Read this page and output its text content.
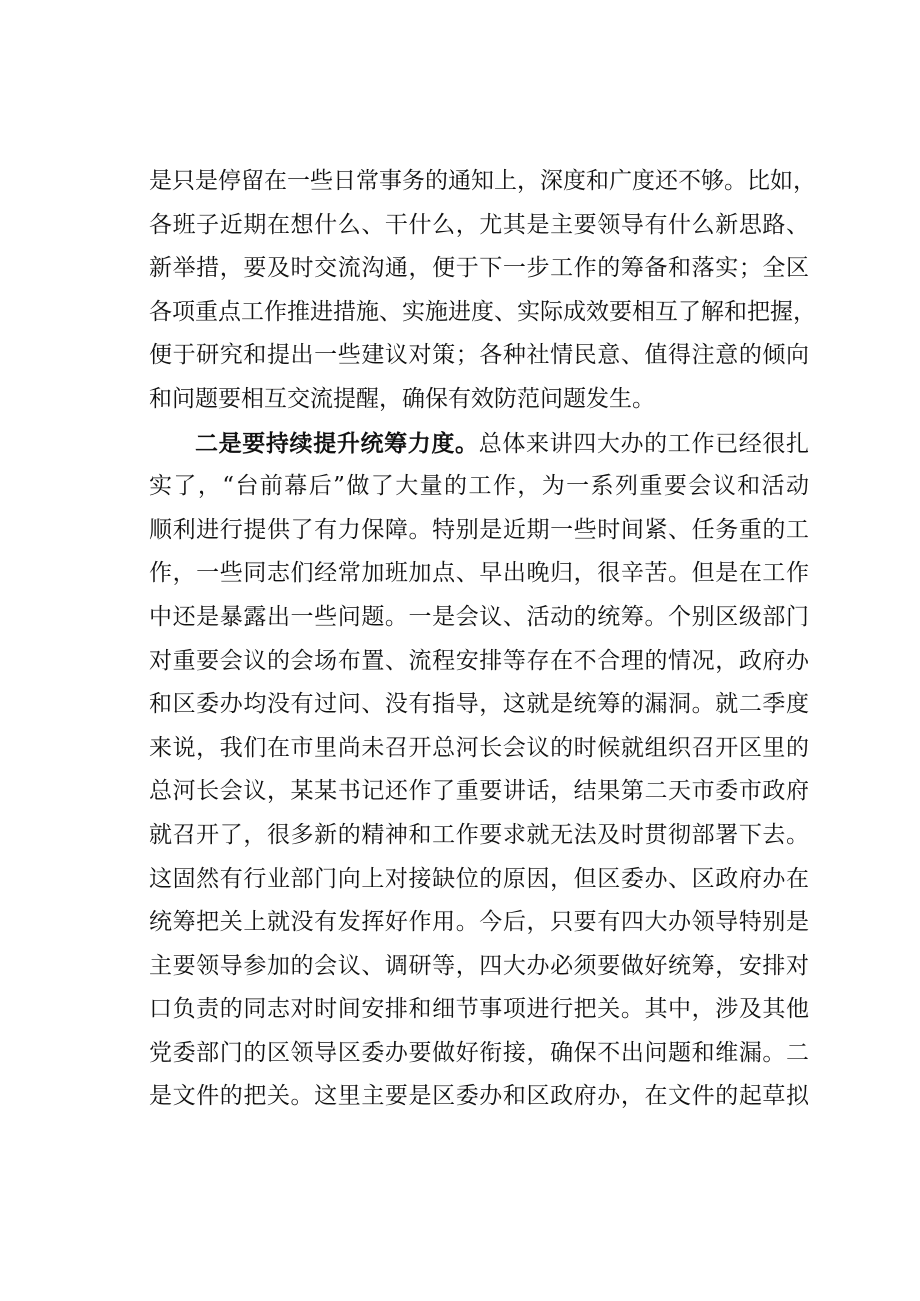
是只是停留在一些日常事务的通知上，深度和广度还不够。比如，
各班子近期在想什么、干什么，尤其是主要领导有什么新思路、
新举措，要及时交流沟通，便于下一步工作的筹备和落实；全区
各项重点工作推进措施、实施进度、实际成效要相互了解和把握，
便于研究和提出一些建议对策；各种社情民意、值得注意的倾向
和问题要相互交流提醒，确保有效防范问题发生。
二是要持续提升统筹力度。总体来讲四大办的工作已经很扎
实了，“台前幕后”做了大量的工作，为一系列重要会议和活动
顺利进行提供了有力保障。特别是近期一些时间紧、任务重的工
作，一些同志们经常加班加点、早出晚归，很辛苦。但是在工作
中还是暴露出一些问题。一是会议、活动的统筹。个别区级部门
对重要会议的会场布置、流程安排等存在不合理的情况，政府办
和区委办均没有过问、没有指导，这就是统筹的漏洞。就二季度
来说，我们在市里尚未召开总河长会议的时候就组织召开区里的
总河长会议，某某书记还作了重要讲话，结果第二天市委市政府
就召开了，很多新的精神和工作要求就无法及时贯彻部署下去。
这固然有行业部门向上对接缺位的原因，但区委办、区政府办在
统筹把关上就没有发挥好作用。今后，只要有四大办领导特别是
主要领导参加的会议、调研等，四大办必须要做好统筹，安排对
口负责的同志对时间安排和细节事项进行把关。其中，涉及其他
党委部门的区领导区委办要做好衔接，确保不出问题和维漏。二
是文件的把关。这里主要是区委办和区政府办，在文件的起草拟
